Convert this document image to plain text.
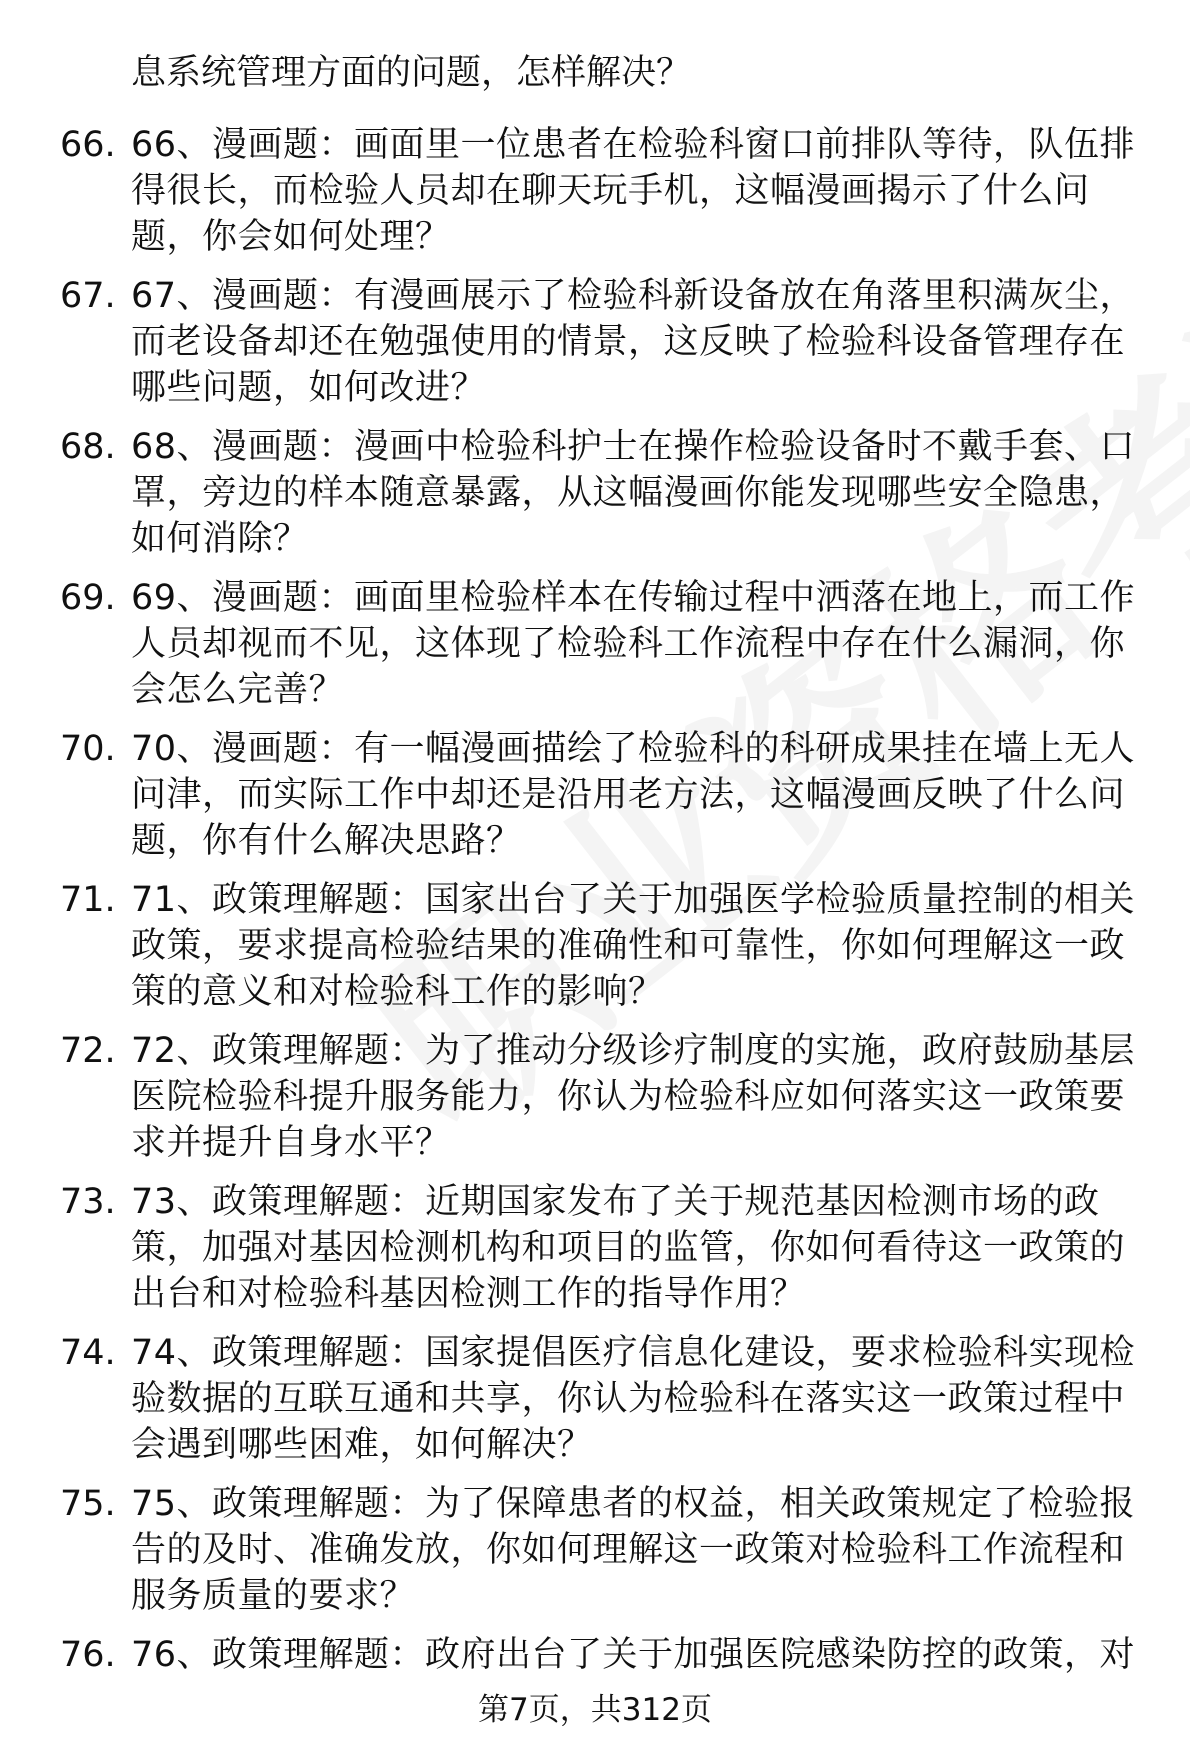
息系统管理方面的问题，怎样解决？
66. 66、漫画题：画面里一位患者在检验科窗口前排队等待，队伍排得很长，而检验人员却在聊天玩手机，这幅漫画揭示了什么问题，你会如何处理？
67. 67、漫画题：有漫画展示了检验科新设备放在角落里积满灰尘，而老设备却还在勉强使用的情景，这反映了检验科设备管理存在哪些问题，如何改进？
68. 68、漫画题：漫画中检验科护士在操作检验设备时不戴手套、口罩，旁边的样本随意暴露，从这幅漫画你能发现哪些安全隐患，如何消除？
69. 69、漫画题：画面里检验样本在传输过程中洒落在地上，而工作人员却视而不见，这体现了检验科工作流程中存在什么漏洞，你会怎么完善？
70. 70、漫画题：有一幅漫画描绘了检验科的科研成果挂在墙上无人问津，而实际工作中却还是沿用老方法，这幅漫画反映了什么问题，你有什么解决思路？
71. 71、政策理解题：国家出台了关于加强医学检验质量控制的相关政策，要求提高检验结果的准确性和可靠性，你如何理解这一政策的意义和对检验科工作的影响？
72. 72、政策理解题：为了推动分级诊疗制度的实施，政府鼓励基层医院检验科提升服务能力，你认为检验科应如何落实这一政策要求并提升自身水平？
73. 73、政策理解题：近期国家发布了关于规范基因检测市场的政策，加强对基因检测机构和项目的监管，你如何看待这一政策的出台和对检验科基因检测工作的指导作用？
74. 74、政策理解题：国家提倡医疗信息化建设，要求检验科实现检验数据的互联互通和共享，你认为检验科在落实这一政策过程中会遇到哪些困难，如何解决？
75. 75、政策理解题：为了保障患者的权益，相关政策规定了检验报告的及时、准确发放，你如何理解这一政策对检验科工作流程和服务质量的要求？
76. 76、政策理解题：政府出台了关于加强医院感染防控的政策，对
第7页，共312页
